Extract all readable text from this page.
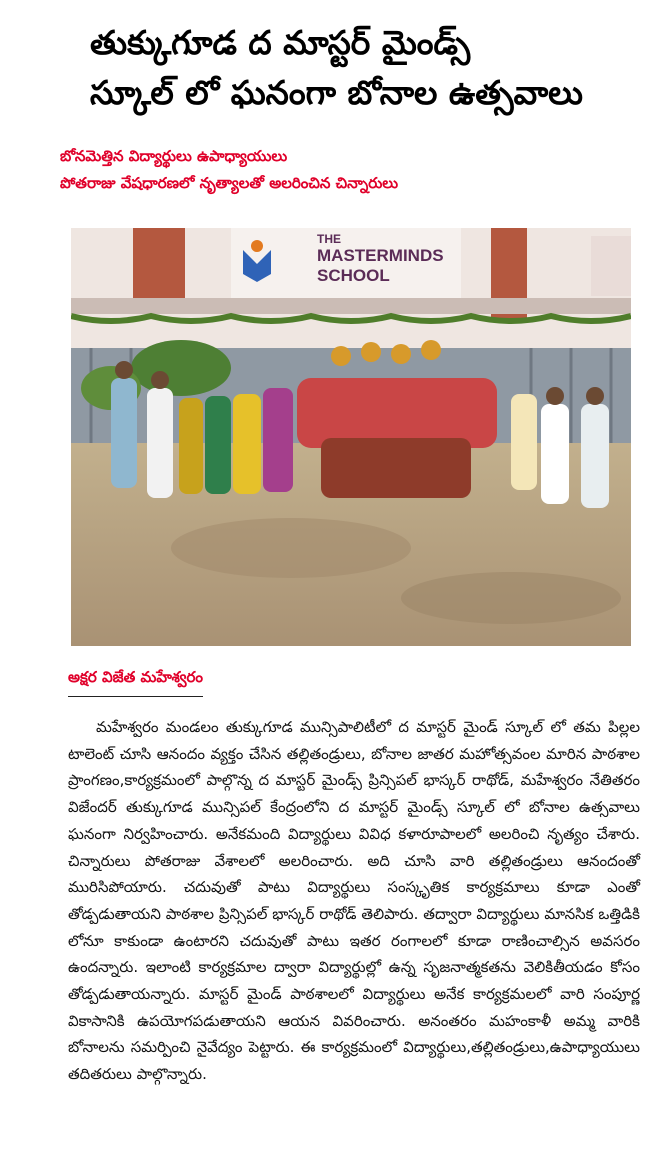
తుక్కుగూడ ద మాస్టర్ మైండ్స్
స్కూల్ లో ఘనంగా బోనాల ఉత్సవాలు
బోనమెత్తిన విద్యార్థులు ఉపాధ్యాయులు
పోతరాజు వేషధారణలో నృత్యాలతో అలరించిన చిన్నారులు
THE
MASTERMINDS
SCHOOL
అక్షర విజేత మహేశ్వరం
మహేశ్వరం మండలం తుక్కుగూడ మున్సిపాలిటీలో ద మాస్టర్ మైండ్ స్కూల్ లో తమ పిల్లల టాలెంట్ చూసి ఆనందం వ్యక్తం చేసిన తల్లితండ్రులు, బోనాల జాతర మహోత్సవంల మారిన పాఠశాల ప్రాంగణం,కార్యక్రమంలో పాల్గొన్న ద మాస్టర్ మైండ్స్ ప్రిన్సిపల్ భాస్కర్ రాథోడ్, మహేశ్వరం నేతితరం విజేందర్ తుక్కుగూడ మున్సిపల్ కేంద్రంలోని ద మాస్టర్ మైండ్స్ స్కూల్ లో బోనాల ఉత్సవాలు ఘనంగా నిర్వహించారు. అనేకమంది విద్యార్థులు వివిధ కళారూపాలలో అలరించి నృత్యం చేశారు. చిన్నారులు పోతరాజు వేశాలలో అలరించారు. అది చూసి వారి తల్లితండ్రులు ఆనందంతో మురిసిపోయారు. చదువుతో పాటు విద్యార్థులు సంస్కృతిక కార్యక్రమాలు కూడా ఎంతో తోడ్పడుతాయని పాఠశాల ప్రిన్సిపల్ భాస్కర్ రాథోడ్ తెలిపారు. తద్వారా విద్యార్థులు మానసిక ఒత్తిడికి లోనూ కాకుండా ఉంటారని చదువుతో పాటు ఇతర రంగాలలో కూడా రాణించాల్సిన అవసరం ఉందన్నారు. ఇలాంటి కార్యక్రమాల ద్వారా విద్యార్థుల్లో ఉన్న సృజనాత్మకతను వెలికితీయడం కోసం తోడ్పడుతాయన్నారు. మాస్టర్ మైండ్ పాఠశాలలో విద్యార్థులు అనేక కార్యక్రమలలో వారి సంపూర్ణ వికాసానికి ఉపయోగపడుతాయని ఆయన వివరించారు. అనంతరం మహంకాళీ అమ్మ వారికి బోనాలను సమర్పించి నైవేద్యం పెట్టారు. ఈ కార్యక్రమంలో విద్యార్థులు,తల్లితండ్రులు,ఉపాధ్యాయులు తదితరులు పాల్గొన్నారు.
